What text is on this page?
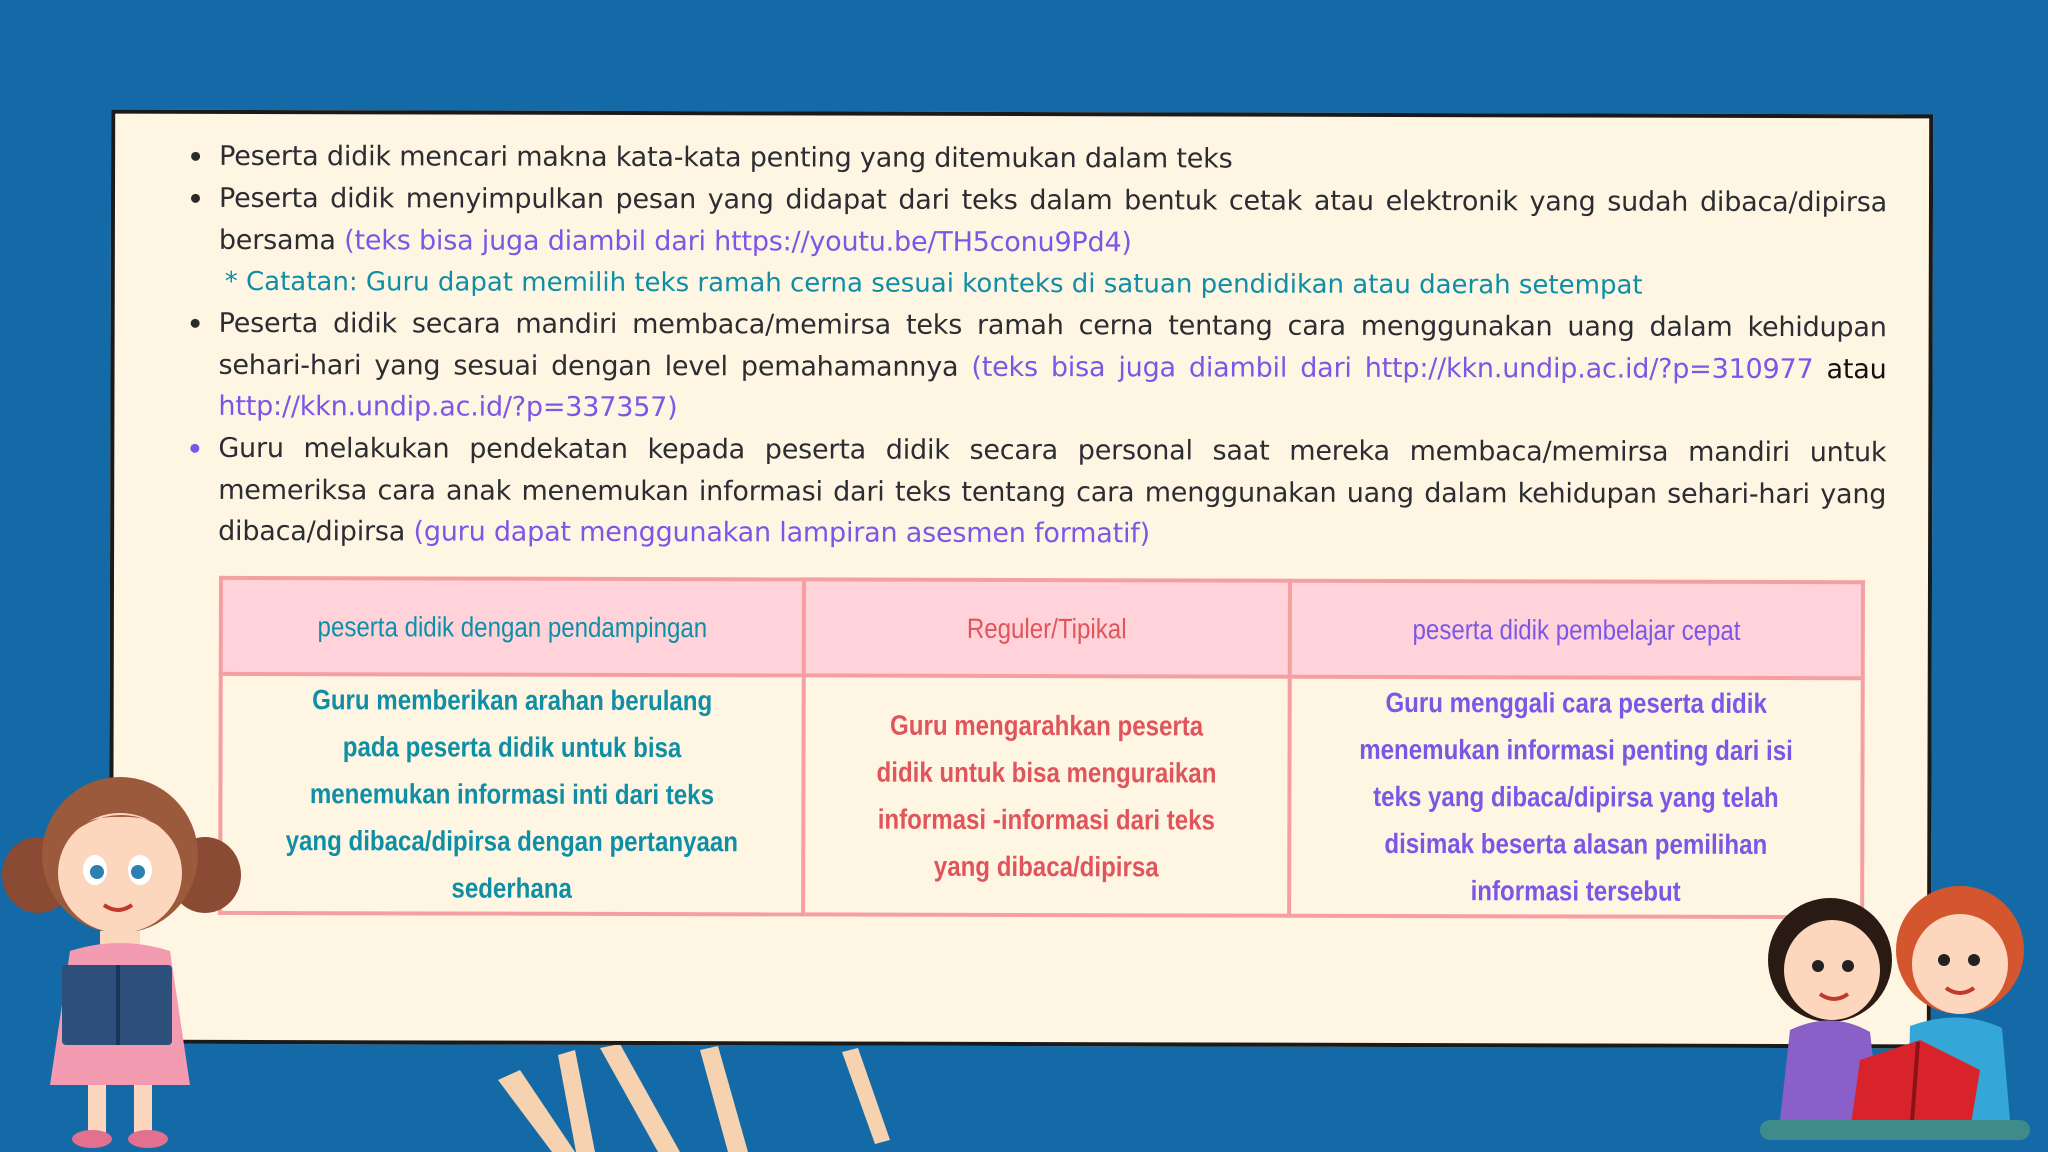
Peserta didik mencari makna kata-kata penting yang ditemukan dalam teks
Peserta didik menyimpulkan pesan yang didapat dari teks dalam bentuk cetak atau elektronik yang sudah dibaca/dipirsa bersama (teks bisa juga diambil dari https://youtu.be/TH5conu9Pd4)
* Catatan: Guru dapat memilih teks ramah cerna sesuai konteks di satuan pendidikan atau daerah setempat
Peserta didik secara mandiri membaca/memirsa teks ramah cerna tentang cara menggunakan uang dalam kehidupan sehari-hari yang sesuai dengan level pemahamannya (teks bisa juga diambil dari http://kkn.undip.ac.id/?p=310977 atau http://kkn.undip.ac.id/?p=337357)
Guru melakukan pendekatan kepada peserta didik secara personal saat mereka membaca/memirsa mandiri untuk memeriksa cara anak menemukan informasi dari teks tentang cara menggunakan uang dalam kehidupan sehari-hari yang dibaca/dipirsa (guru dapat menggunakan lampiran asesmen formatif)
peserta didik dengan pendampingan	Reguler/Tipikal	peserta didik pembelajar cepat
Guru memberikan arahan berulang pada peserta didik untuk bisa menemukan informasi inti dari teks yang dibaca/dipirsa dengan pertanyaan sederhana	Guru mengarahkan peserta didik untuk bisa menguraikan informasi -informasi dari teks yang dibaca/dipirsa	Guru menggali cara peserta didik menemukan informasi penting dari isi teks yang dibaca/dipirsa yang telah disimak beserta alasan pemilihan informasi tersebut
